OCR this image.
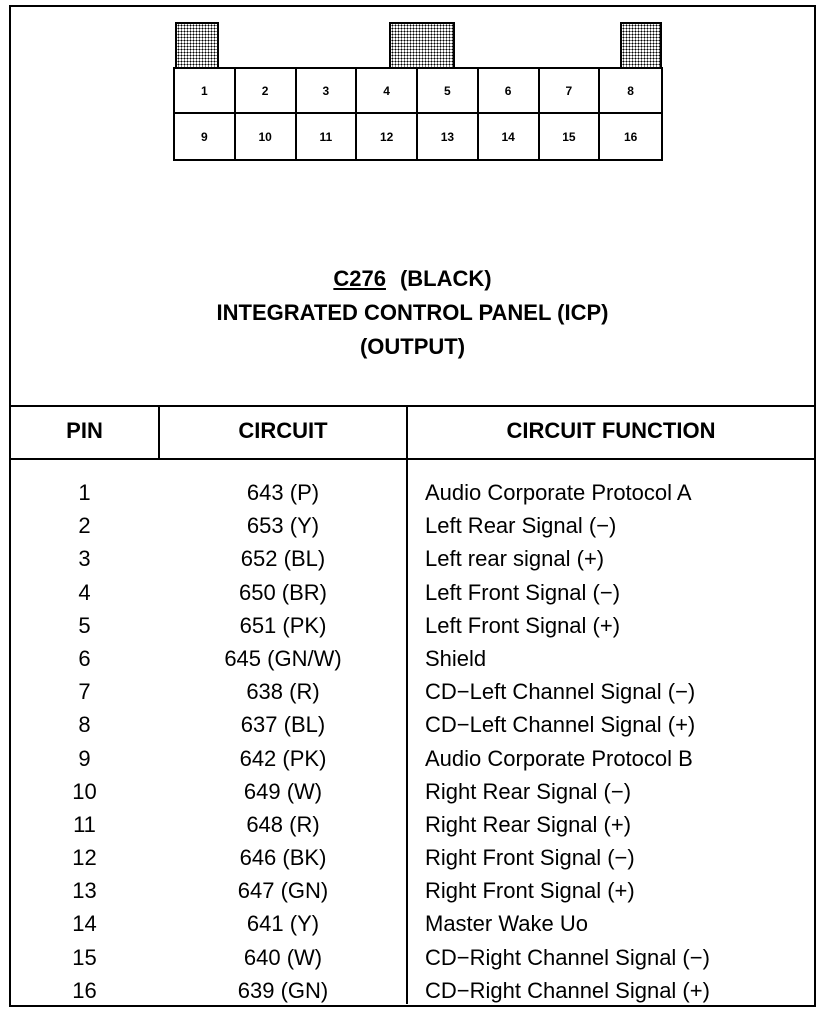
1	2	3	4	5	6	7	8
9	10	11	12	13	14	15	16
C276 (BLACK)
INTEGRATED CONTROL PANEL (ICP)
(OUTPUT)
PIN	CIRCUIT	CIRCUIT FUNCTION
1	643 (P)	Audio Corporate Protocol A
2	653 (Y)	Left Rear Signal (−)
3	652 (BL)	Left rear signal (+)
4	650 (BR)	Left Front Signal (−)
5	651 (PK)	Left Front Signal (+)
6	645 (GN/W)	Shield
7	638 (R)	CD−Left Channel Signal (−)
8	637 (BL)	CD−Left Channel Signal (+)
9	642 (PK)	Audio Corporate Protocol B
10	649 (W)	Right Rear Signal (−)
11	648 (R)	Right Rear Signal (+)
12	646 (BK)	Right Front Signal (−)
13	647 (GN)	Right Front Signal (+)
14	641 (Y)	Master Wake Uo
15	640 (W)	CD−Right Channel Signal (−)
16	639 (GN)	CD−Right Channel Signal (+)
